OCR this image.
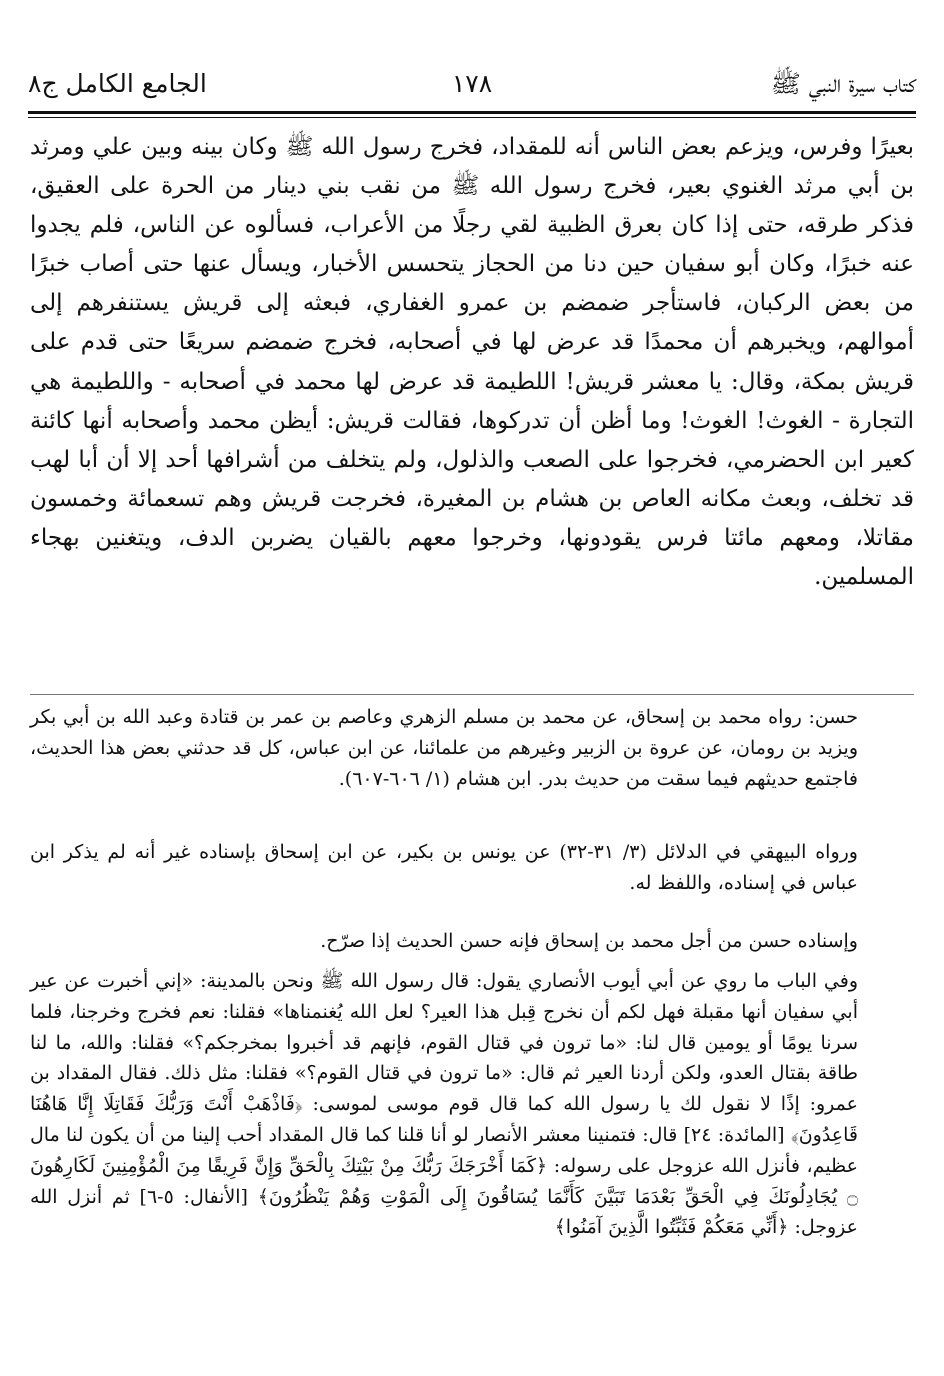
كتاب سيرة النبي ﷺ
١٧٨
الجامع الكامل ج٨

بعيرًا وفرس، ويزعم بعض الناس أنه للمقداد، فخرج رسول الله ﷺ وكان بينه وبين علي ومرثد بن أبي مرثد الغنوي بعير، فخرج رسول الله ﷺ من نقب بني دينار من الحرة على العقيق، فذكر طرقه، حتى إذا كان بعرق الظبية لقي رجلًا من الأعراب، فسألوه عن الناس، فلم يجدوا عنه خبرًا، وكان أبو سفيان حين دنا من الحجاز يتحسس الأخبار، ويسأل عنها حتى أصاب خبرًا من بعض الركبان، فاستأجر ضمضم بن عمرو الغفاري، فبعثه إلى قريش يستنفرهم إلى أموالهم، ويخبرهم أن محمدًا قد عرض لها في أصحابه، فخرج ضمضم سريعًا حتى قدم على قريش بمكة، وقال: يا معشر قريش! اللطيمة قد عرض لها محمد في أصحابه - واللطيمة هي التجارة - الغوث! الغوث! وما أظن أن تدركوها، فقالت قريش: أيظن محمد وأصحابه أنها كائنة كعير ابن الحضرمي، فخرجوا على الصعب والذلول، ولم يتخلف من أشرافها أحد إلا أن أبا لهب قد تخلف، وبعث مكانه العاص بن هشام بن المغيرة، فخرجت قريش وهم تسعمائة وخمسون مقاتلا، ومعهم مائتا فرس يقودونها، وخرجوا معهم بالقيان يضربن الدف، ويتغنين بهجاء المسلمين.

حسن: رواه محمد بن إسحاق، عن محمد بن مسلم الزهري وعاصم بن عمر بن قتادة وعبد الله بن أبي بكر ويزيد بن رومان، عن عروة بن الزبير وغيرهم من علمائنا، عن ابن عباس، كل قد حدثني بعض هذا الحديث، فاجتمع حديثهم فيما سقت من حديث بدر. ابن هشام (١/ ٦٠٦-٦٠٧).

ورواه البيهقي في الدلائل (٣/ ٣١-٣٢) عن يونس بن بكير، عن ابن إسحاق بإسناده غير أنه لم يذكر ابن عباس في إسناده، واللفظ له.

وإسناده حسن من أجل محمد بن إسحاق فإنه حسن الحديث إذا صرّح.

وفي الباب ما روي عن أبي أيوب الأنصاري يقول: قال رسول الله ﷺ ونحن بالمدينة: «إني أخبرت عن عير أبي سفيان أنها مقبلة فهل لكم أن نخرج قِبل هذا العير؟ لعل الله يُغنمناها» فقلنا: نعم فخرج وخرجنا، فلما سرنا يومًا أو يومين قال لنا: «ما ترون في قتال القوم، فإنهم قد أخبروا بمخرجكم؟» فقلنا: والله، ما لنا طاقة بقتال العدو، ولكن أردنا العير ثم قال: «ما ترون في قتال القوم؟» فقلنا: مثل ذلك. فقال المقداد بن عمرو: إذًا لا نقول لك يا رسول الله كما قال قوم موسى لموسى: ﴿فَاذْهَبْ أَنْتَ وَرَبُّكَ فَقَاتِلَا إِنَّا هَاهُنَا قَاعِدُونَ﴾ [المائدة: ٢٤] قال: فتمنينا معشر الأنصار لو أنا قلنا كما قال المقداد أحب إلينا من أن يكون لنا مال عظيم، فأنزل الله عزوجل على رسوله: ﴿كَمَا أَخْرَجَكَ رَبُّكَ مِنْ بَيْتِكَ بِالْحَقِّ وَإِنَّ فَرِيقًا مِنَ الْمُؤْمِنِينَ لَكَارِهُونَ ۝ يُجَادِلُونَكَ فِي الْحَقِّ بَعْدَمَا تَبَيَّنَ كَأَنَّمَا يُسَاقُونَ إِلَى الْمَوْتِ وَهُمْ يَنْظُرُونَ﴾ [الأنفال: ٥-٦] ثم أنزل الله عزوجل: ﴿أَنِّي مَعَكُمْ فَثَبِّتُوا الَّذِينَ آمَنُوا﴾
